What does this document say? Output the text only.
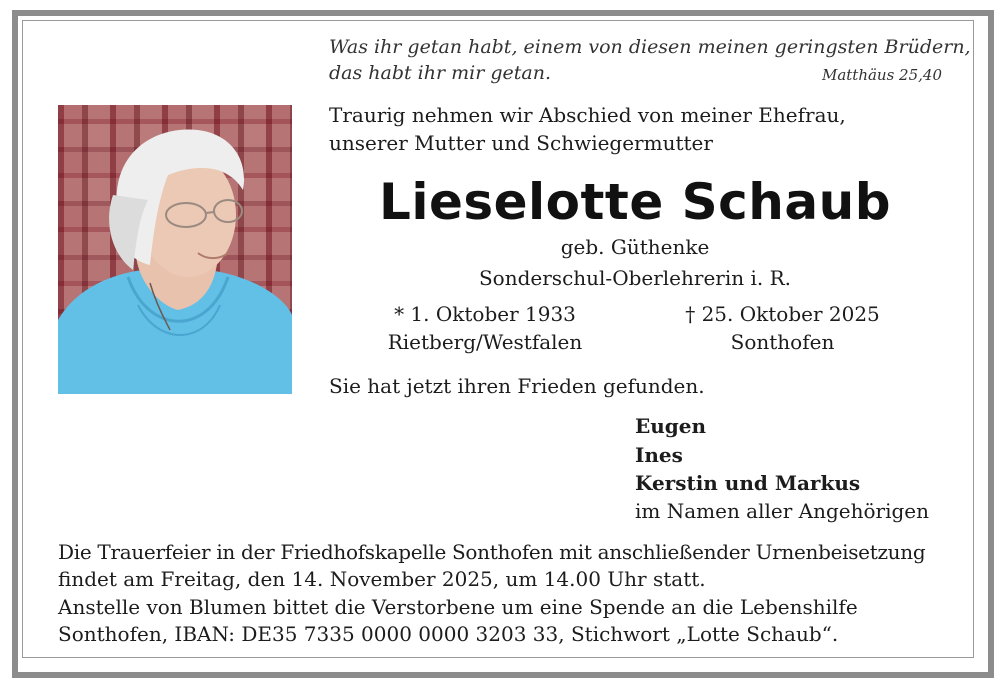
Was ihr getan habt, einem von diesen meinen geringsten Brüdern,
das habt ihr mir getan.	Matthäus 25,40
Traurig nehmen wir Abschied von meiner Ehefrau,
unserer Mutter und Schwiegermutter
Lieselotte Schaub
geb. Güthenke
Sonderschul-Oberlehrerin i. R.
* 1. Oktober 1933
Rietberg/Westfalen
† 25. Oktober 2025
Sonthofen
Sie hat jetzt ihren Frieden gefunden.
Eugen
Ines
Kerstin und Markus
im Namen aller Angehörigen
Die Trauerfeier in der Friedhofskapelle Sonthofen mit anschließender Urnenbeisetzung
findet am Freitag, den 14. November 2025, um 14.00 Uhr statt.
Anstelle von Blumen bittet die Verstorbene um eine Spende an die Lebenshilfe
Sonthofen, IBAN: DE35 7335 0000 0000 3203 33, Stichwort „Lotte Schaub“.
